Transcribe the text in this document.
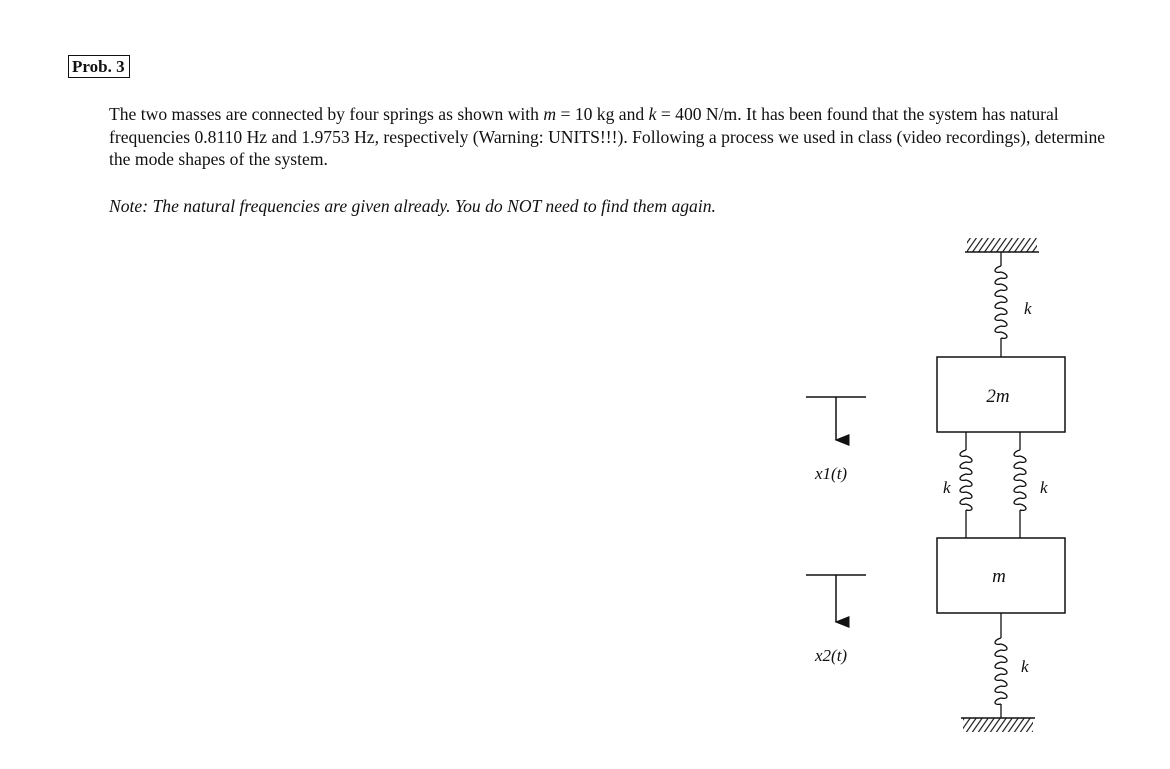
Prob. 3
The two masses are connected by four springs as shown with m = 10 kg and k = 400 N/m. It has been found that the system has natural frequencies 0.8110 Hz and 1.9753 Hz, respectively (Warning: UNITS!!!). Following a process we used in class (video recordings), determine the mode shapes of the system.
Note: The natural frequencies are given already. You do NOT need to find them again.
k
2m
k	k
m
k
x1(t)
x2(t)
